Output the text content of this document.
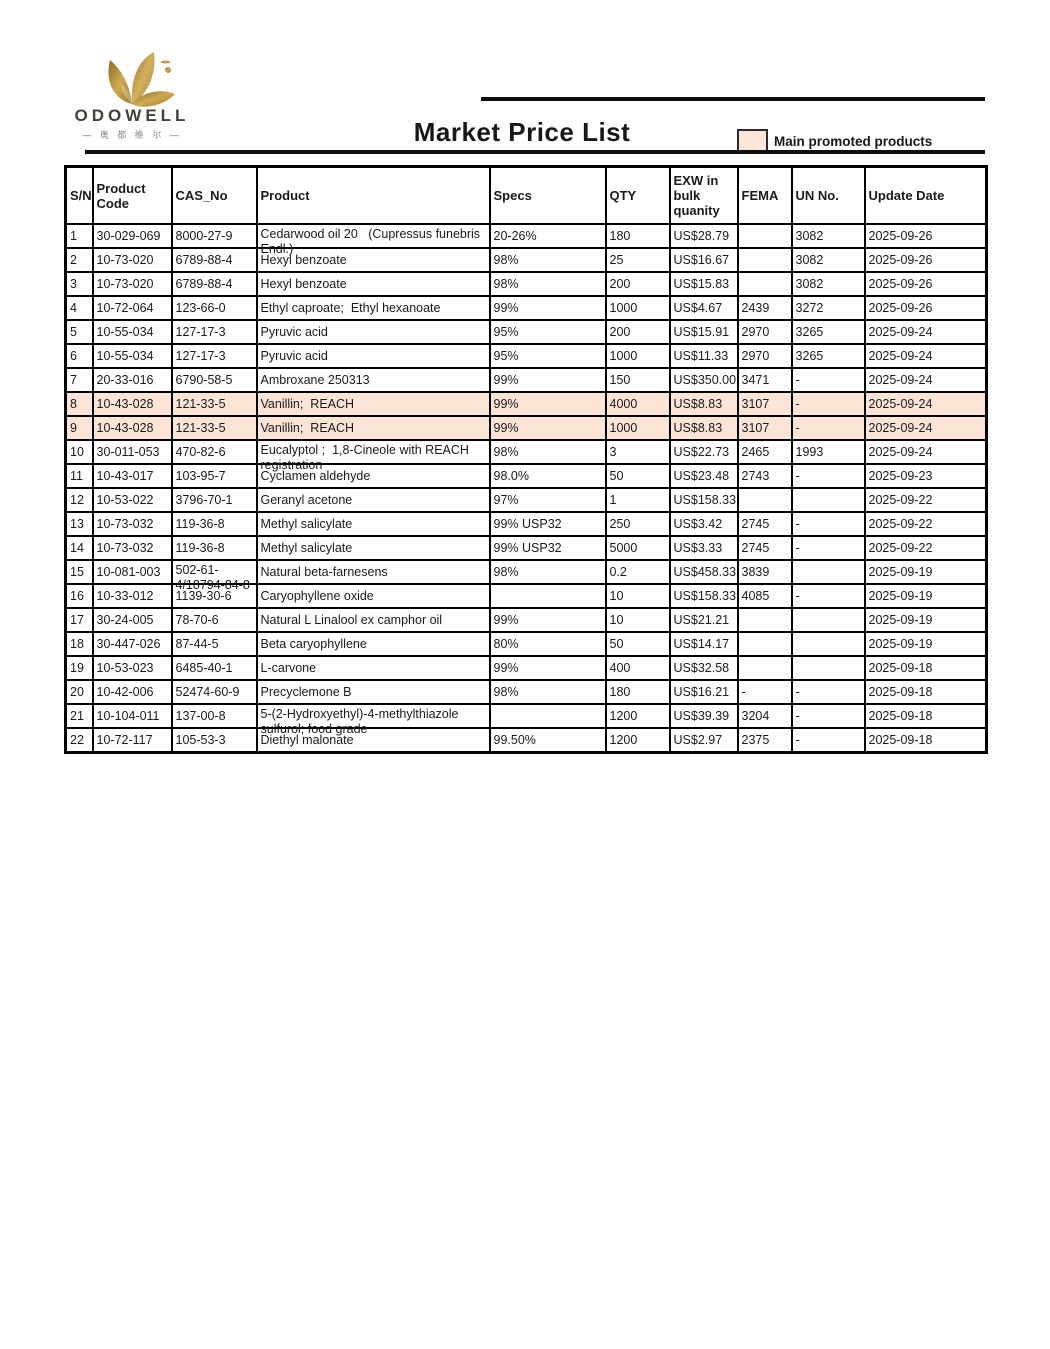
ODOWELL
— 奥 都 维 尔 —	Market Price List	Main promoted products
S/N	Product Code	CAS_No	Product	Specs	QTY	EXW in bulk quanity	FEMA	UN No.	Update Date
1	30-029-069	8000-27-9	Cedarwood oil 20   (Cupressus funebris
Endl.)	20-26%	180	US$28.79		3082	2025-09-26
2	10-73-020	6789-88-4	Hexyl benzoate	98%	25	US$16.67		3082	2025-09-26
3	10-73-020	6789-88-4	Hexyl benzoate	98%	200	US$15.83		3082	2025-09-26
4	10-72-064	123-66-0	Ethyl caproate;  Ethyl hexanoate	99%	1000	US$4.67	2439	3272	2025-09-26
5	10-55-034	127-17-3	Pyruvic acid	95%	200	US$15.91	2970	3265	2025-09-24
6	10-55-034	127-17-3	Pyruvic acid	95%	1000	US$11.33	2970	3265	2025-09-24
7	20-33-016	6790-58-5	Ambroxane 250313	99%	150	US$350.00	3471	-	2025-09-24
8	10-43-028	121-33-5	Vanillin;  REACH	99%	4000	US$8.83	3107	-	2025-09-24
9	10-43-028	121-33-5	Vanillin;  REACH	99%	1000	US$8.83	3107	-	2025-09-24
10	30-011-053	470-82-6	Eucalyptol ;  1,8-Cineole with REACH
registration	98%	3	US$22.73	2465	1993	2025-09-24
11	10-43-017	103-95-7	Cyclamen aldehyde	98.0%	50	US$23.48	2743	-	2025-09-23
12	10-53-022	3796-70-1	Geranyl acetone	97%	1	US$158.33			2025-09-22
13	10-73-032	119-36-8	Methyl salicylate	99% USP32	250	US$3.42	2745	-	2025-09-22
14	10-73-032	119-36-8	Methyl salicylate	99% USP32	5000	US$3.33	2745	-	2025-09-22
15	10-081-003	502-61-
4/18794-84-8	Natural beta-farnesens	98%	0.2	US$458.33	3839		2025-09-19
16	10-33-012	1139-30-6	Caryophyllene oxide		10	US$158.33	4085	-	2025-09-19
17	30-24-005	78-70-6	Natural L Linalool ex camphor oil	99%	10	US$21.21			2025-09-19
18	30-447-026	87-44-5	Beta caryophyllene	80%	50	US$14.17			2025-09-19
19	10-53-023	6485-40-1	L-carvone	99%	400	US$32.58			2025-09-18
20	10-42-006	52474-60-9	Precyclemone B	98%	180	US$16.21	-	-	2025-09-18
21	10-104-011	137-00-8	5-(2-Hydroxyethyl)-4-methylthiazole
sulfurol; food grade		1200	US$39.39	3204	-	2025-09-18
22	10-72-117	105-53-3	Diethyl malonate	99.50%	1200	US$2.97	2375	-	2025-09-18
